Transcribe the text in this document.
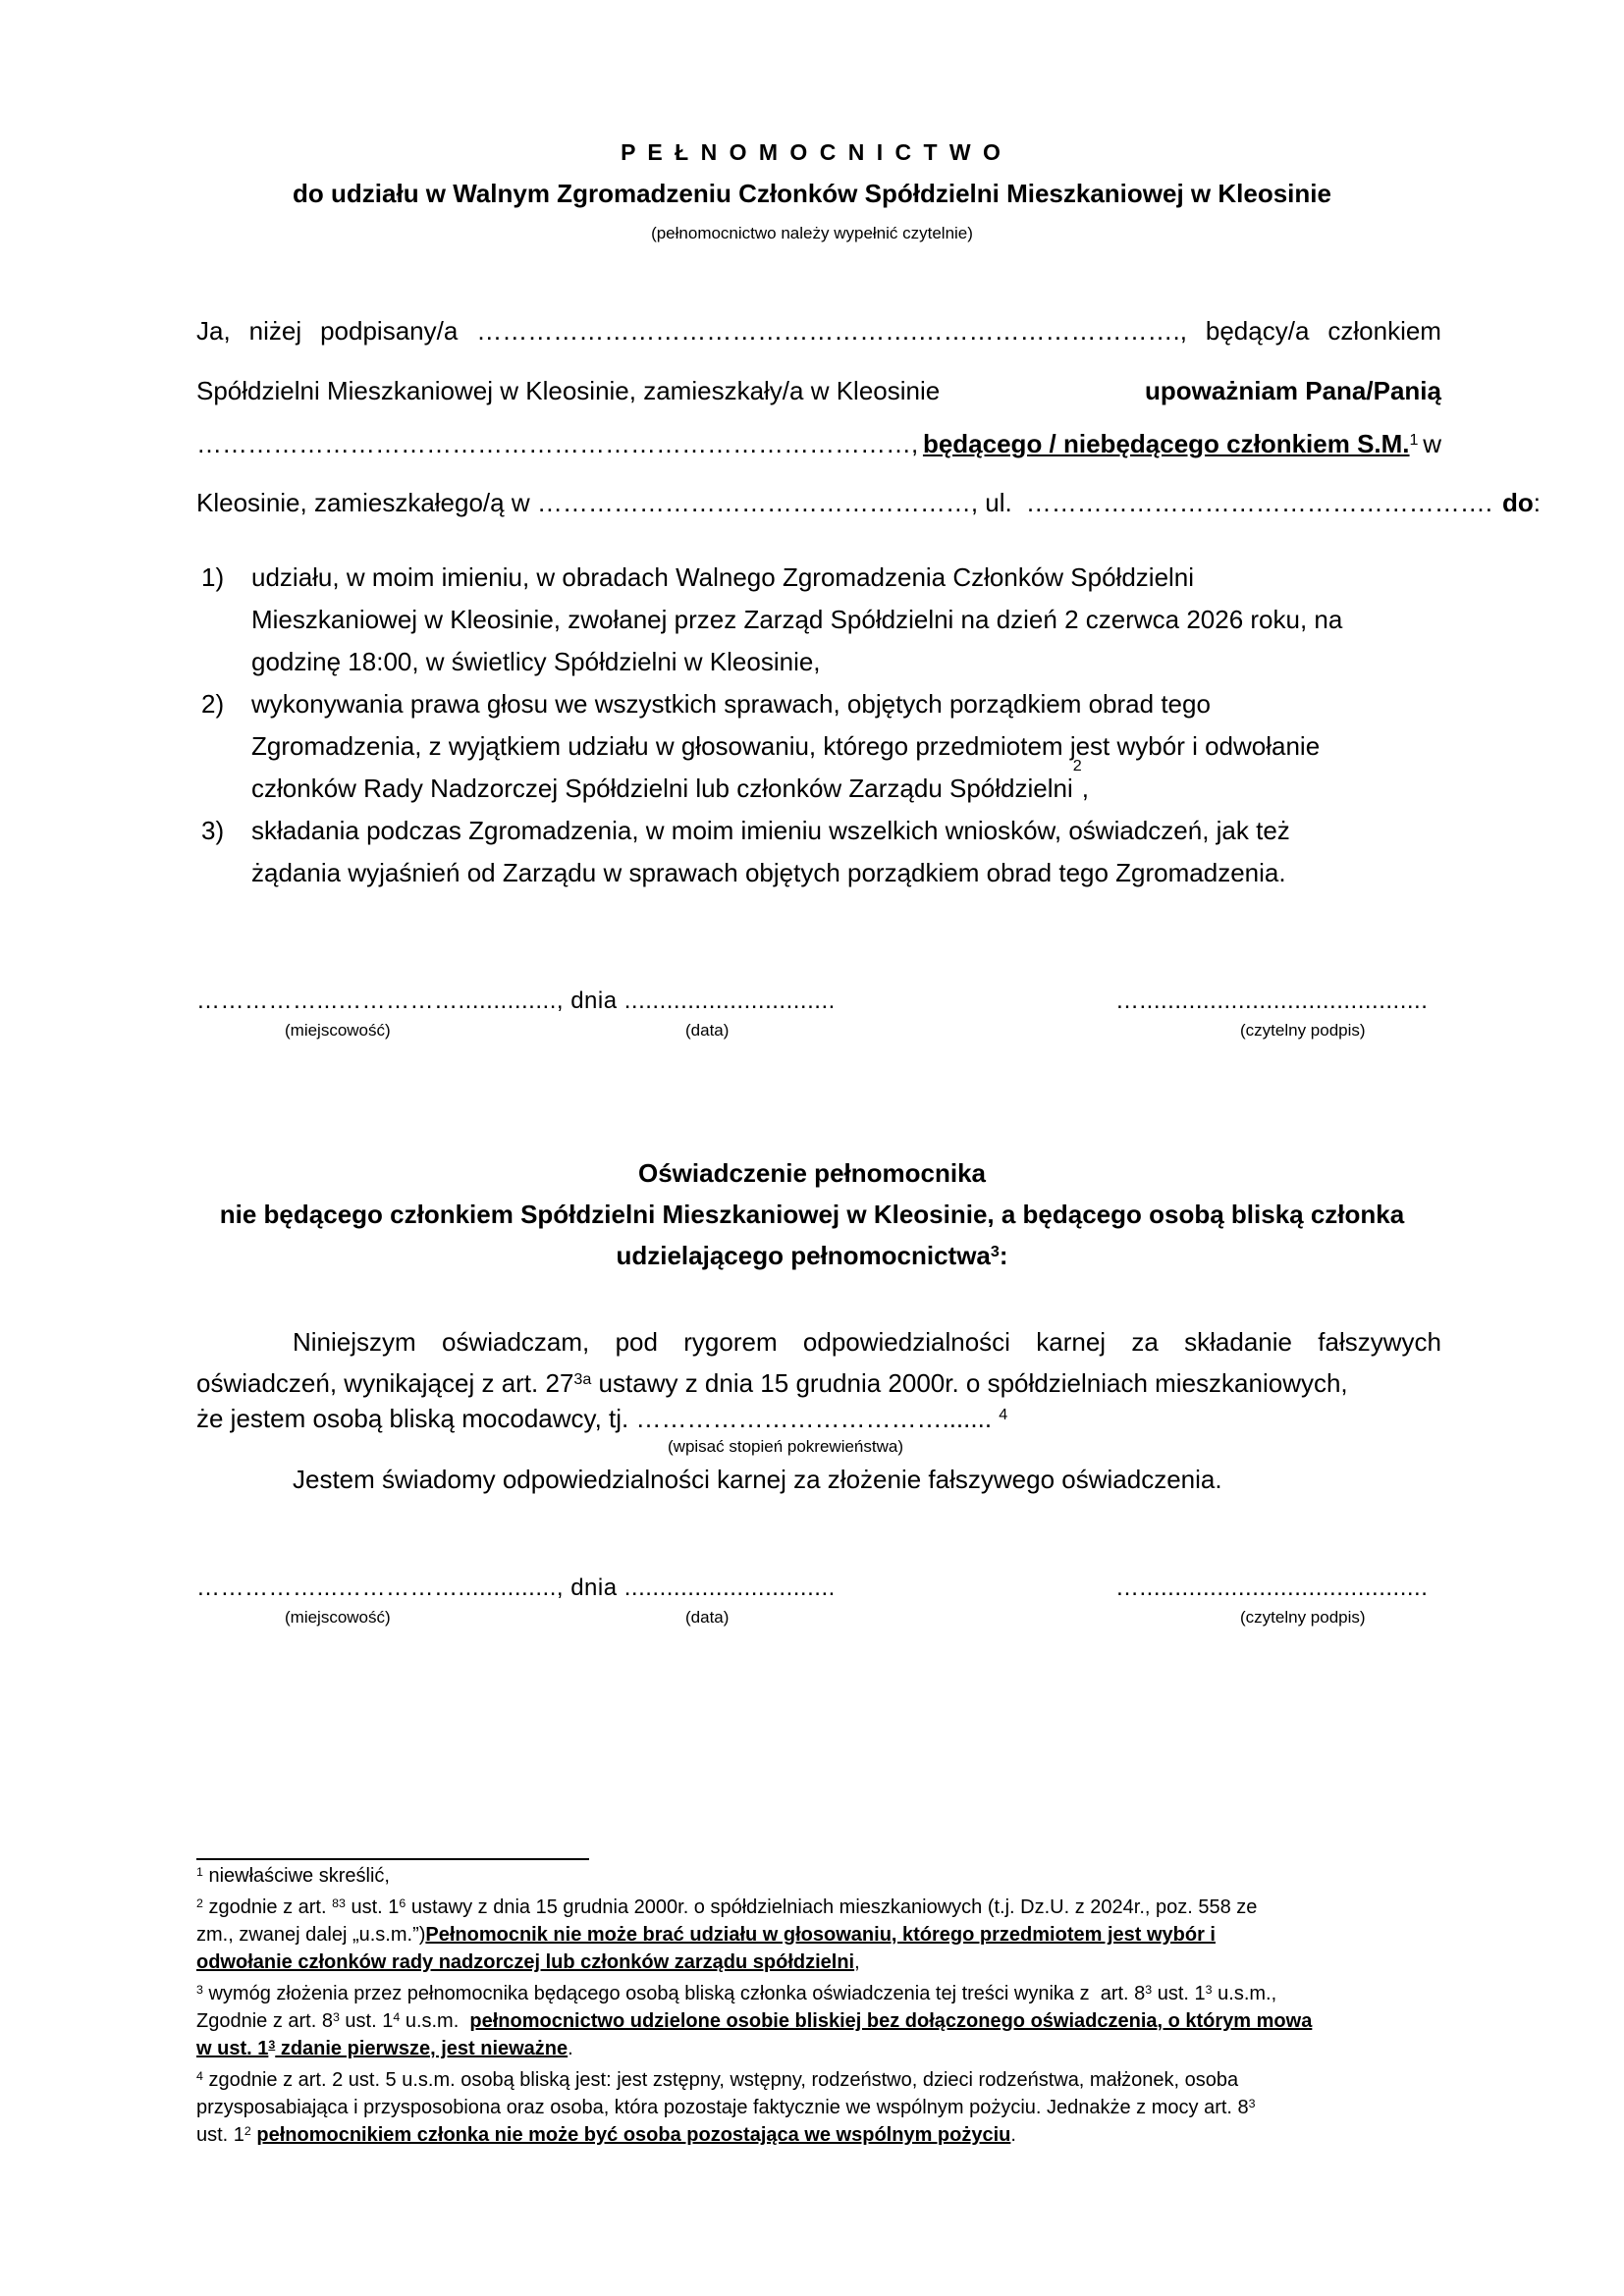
P E Ł N O M O C N I C T W O
do udziału w Walnym Zgromadzeniu Członków Spółdzielni Mieszkaniowej w Kleosinie
(pełnomocnictwo należy wypełnić czytelnie)
Ja, niżej podpisany/a …………………………………………….…………………………., będący/a członkiem
Spółdzielni Mieszkaniowej w Kleosinie, zamieszkały/a w Kleosinie	upoważniam Pana/Panią
…………………………………………………………………………, będącego / niebędącego członkiem S.M.$^1$ w
Kleosinie, zamieszkałego/ą w ……………………………………………, ul. ………………………………………………. do:
1) udziału, w moim imieniu, w obradach Walnego Zgromadzenia Członków Spółdzielni
Mieszkaniowej w Kleosinie, zwołanej przez Zarząd Spółdzielni na dzień 2 czerwca 2026 roku, na
godzinę 18:00, w świetlicy Spółdzielni w Kleosinie,
2) wykonywania prawa głosu we wszystkich sprawach, objętych porządkiem obrad tego
Zgromadzenia, z wyjątkiem udziału w głosowaniu, którego przedmiotem jest wybór i odwołanie
członków Rady Nadzorczej Spółdzielni lub członków Zarządu Spółdzielni
$^2$
,
3) składania podczas Zgromadzenia, w moim imieniu wszelkich wniosków, oświadczeń, jak też
żądania wyjaśnień od Zarządu w sprawach objętych porządkiem obrad tego Zgromadzenia.
……………...…………….............., dnia ..............................	….........................................
(miejscowość)	(data)	(czytelny podpis)
Oświadczenie pełnomocnika
nie będącego członkiem Spółdzielni Mieszkaniowej w Kleosinie, a będącego osobą bliską członka
udzielającego pełnomocnictwa$^3$:
Niniejszym oświadczam, pod rygorem odpowiedzialności karnej za składanie fałszywych
oświadczeń, wynikającej z art. $27^{3a}$ ustawy z dnia 15 grudnia 2000r. o spółdzielniach mieszkaniowych,
że jestem osobą bliską mocodawcy, tj. ………………………………....... $^4$
(wpisać stopień pokrewieństwa)
Jestem świadomy odpowiedzialności karnej za złożenie fałszywego oświadczenia.
……………...…………….............., dnia ..............................	….........................................
(miejscowość)	(data)	(czytelny podpis)
$^1$ niewłaściwe skreślić,
$^2$ zgodnie z art. $^{83}$ ust. $1^6$ ustawy z dnia 15 grudnia 2000r. o spółdzielniach mieszkaniowych (t.j. Dz.U. z 2024r., poz. 558 ze
zm., zwanej dalej „u.s.m.”)Pełnomocnik nie może brać udziału w głosowaniu, którego przedmiotem jest wybór i
odwołanie członków rady nadzorczej lub członków zarządu spółdzielni,
$^3$ wymóg złożenia przez pełnomocnika będącego osobą bliską członka oświadczenia tej treści wynika z  art. $8^3$ ust. $1^3$ u.s.m.,
Zgodnie z art. $8^3$ ust. $1^4$ u.s.m.  pełnomocnictwo udzielone osobie bliskiej bez dołączonego oświadczenia, o którym mowa
w ust. $1^3$ zdanie pierwsze, jest nieważne.
$^4$ zgodnie z art. 2 ust. 5 u.s.m. osobą bliską jest: jest zstępny, wstępny, rodzeństwo, dzieci rodzeństwa, małżonek, osoba
przysposabiająca i przysposobiona oraz osoba, która pozostaje faktycznie we wspólnym pożyciu. Jednakże z mocy art. $8^3$
ust. $1^2$ pełnomocnikiem członka nie może być osoba pozostająca we wspólnym pożyciu.
